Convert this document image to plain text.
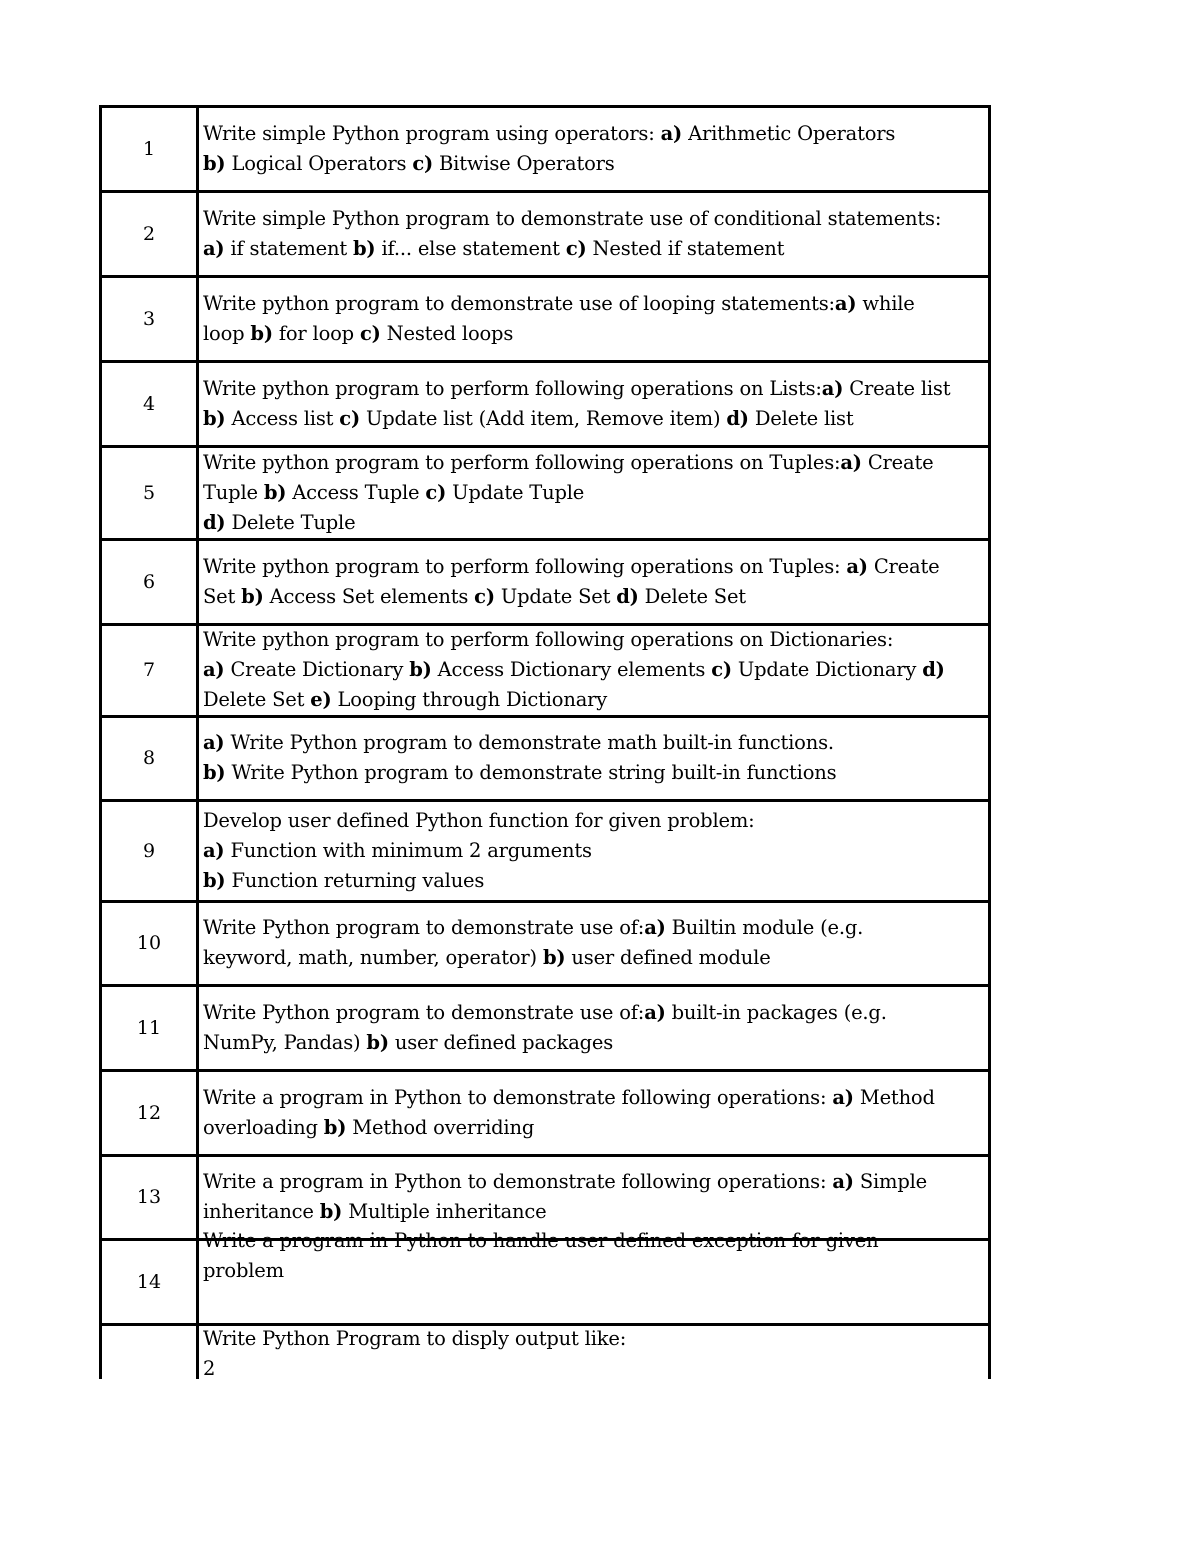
1
Write simple Python program using operators: a) Arithmetic Operators
b) Logical Operators c) Bitwise Operators
2
Write simple Python program to demonstrate use of conditional statements:
a) if statement b) if... else statement c) Nested if statement
3
Write python program to demonstrate use of looping statements:a) while
loop b) for loop c) Nested loops
4
Write python program to perform following operations on Lists:a) Create list
b) Access list c) Update list (Add item, Remove item) d) Delete list
5
Write python program to perform following operations on Tuples:a) Create
Tuple b) Access Tuple c) Update Tuple
d) Delete Tuple
6
Write python program to perform following operations on Tuples: a) Create
Set b) Access Set elements c) Update Set d) Delete Set
7
Write python program to perform following operations on Dictionaries:
a) Create Dictionary b) Access Dictionary elements c) Update Dictionary d)
Delete Set e) Looping through Dictionary
8
a) Write Python program to demonstrate math built-in functions.
b) Write Python program to demonstrate string built-in functions
9
Develop user defined Python function for given problem:
a) Function with minimum 2 arguments
b) Function returning values
10
Write Python program to demonstrate use of:a) Builtin module (e.g.
keyword, math, number, operator) b) user defined module
11
Write Python program to demonstrate use of:a) built-in packages (e.g.
NumPy, Pandas) b) user defined packages
12
Write a program in Python to demonstrate following operations: a) Method
overloading b) Method overriding
13
Write a program in Python to demonstrate following operations: a) Simple
inheritance b) Multiple inheritance
14	problem
Write Python Program to disply output like:
2
